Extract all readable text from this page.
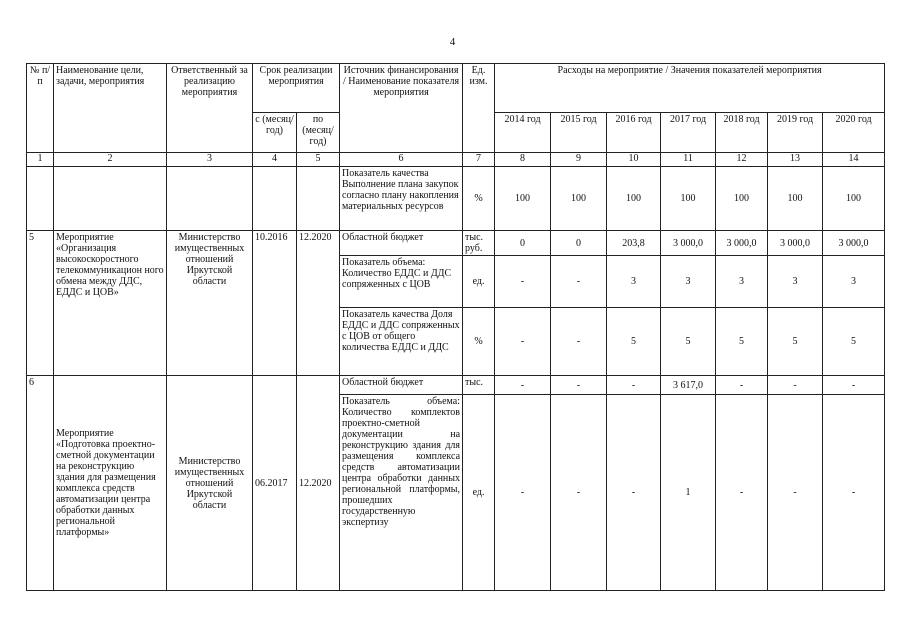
4
№ п/п	Наименование цели, задачи, мероприятия	Ответственный за реализацию мероприятия	Срок реализации мероприятия		Источник финансирования / Наименование показателя мероприятия	Ед. изм.	Расходы на мероприятие / Значения показателей мероприятия						
			с (месяц/ год)	по (месяц/ год)			2014 год	2015 год	2016 год	2017 год	2018 год	2019 год	2020 год
1	2	3	4	5	6	7	8	9	10	11	12	13	14
					Показатель качества Выполнение плана закупок согласно плану накопления материальных ресурсов	%	100	100	100	100	100	100	100
5	Мероприятие «Организация высокоскоростного телекоммуникацион ного обмена между ДДС, ЕДДС и ЦОВ»	Министерство имущественных отношений Иркутской области	10.2016	12.2020	Областной бюджет	тыс. руб.	0	0	203,8	3 000,0	3 000,0	3 000,0	3 000,0
					Показатель объема: Количество ЕДДС и ДДС сопряженных с ЦОВ	ед.	-	-	3	3	3	3	3
					Показатель качества Доля ЕДДС и ДДС сопряженных с ЦОВ от общего количества ЕДДС и ДДС	%	-	-	5	5	5	5	5
6	Мероприятие «Подготовка проектно-сметной документации на реконструкцию здания для размещения комплекса средств автоматизации центра обработки данных региональной платформы»	Министерство имущественных отношений Иркутской области	06.2017	12.2020	Областной бюджет	тыс.	-	-	-	3 617,0	-	-	-
					Показатель объема: Количество комплектов проектно-сметной документации на реконструкцию здания для размещения комплекса средств автоматизации центра обработки данных региональной платформы, прошедших государственную экспертизу	ед.	-	-	-	1	-	-	-
